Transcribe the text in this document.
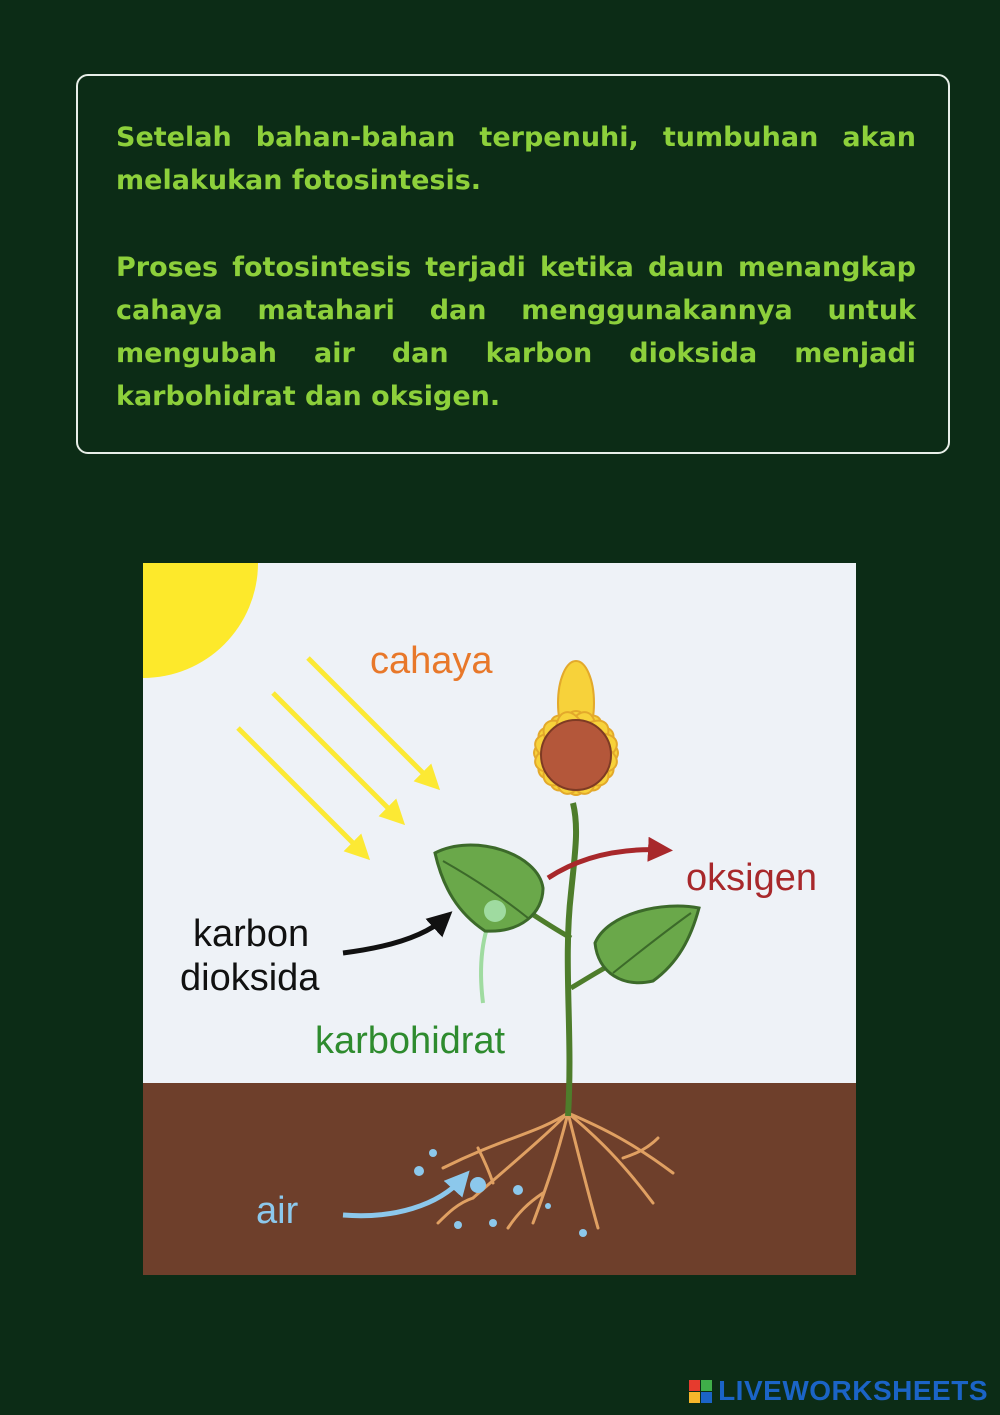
Setelah bahan-bahan terpenuhi, tumbuhan akan melakukan fotosintesis.

Proses fotosintesis terjadi ketika daun menangkap cahaya matahari dan menggunakannya untuk mengubah air dan karbon dioksida menjadi karbohidrat dan oksigen.

cahaya
oksigen
karbon
dioksida
karbohidrat
air
LIVEWORKSHEETS
